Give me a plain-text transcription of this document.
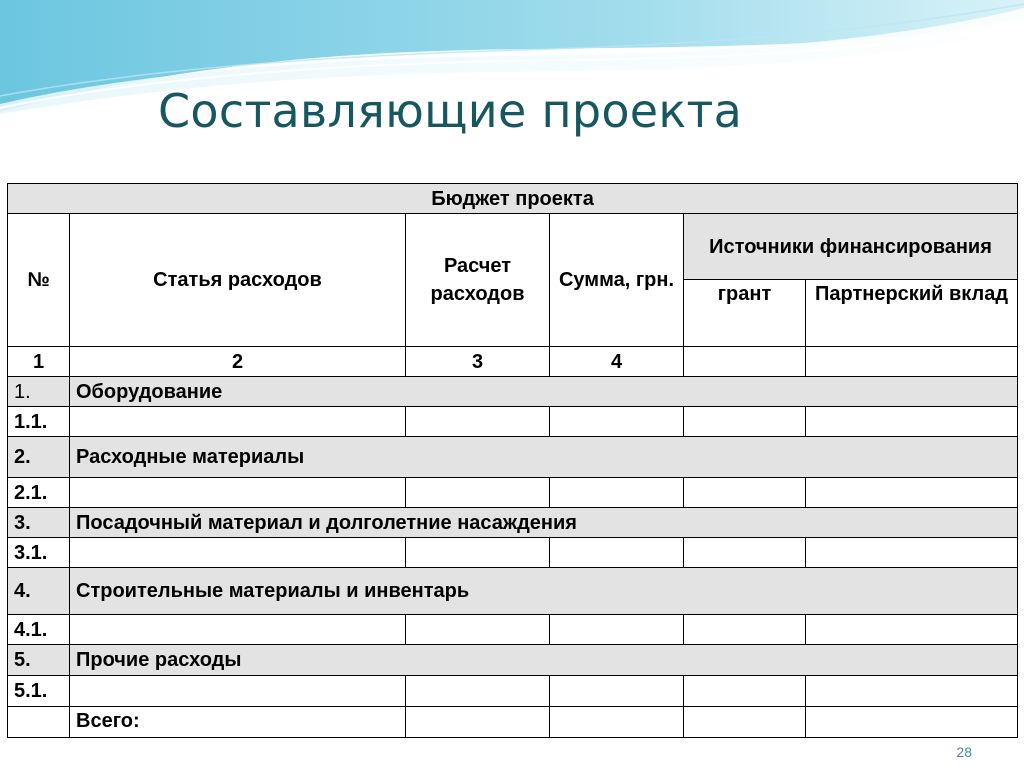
Составляющие проекта
Бюджет проекта					
№	Статья расходов	Расчет расходов	Сумма, грн.	Источники финансирования	
				грант	Партнерский вклад
1	2	3	4		
1.	Оборудование				
1.1.					
2.	Расходные материалы				
2.1.					
3.	Посадочный материал и долголетние насаждения				
3.1.					
4.	Строительные материалы и инвентарь				
4.1.					
5.	Прочие расходы				
5.1.					
	Всего:				
28
